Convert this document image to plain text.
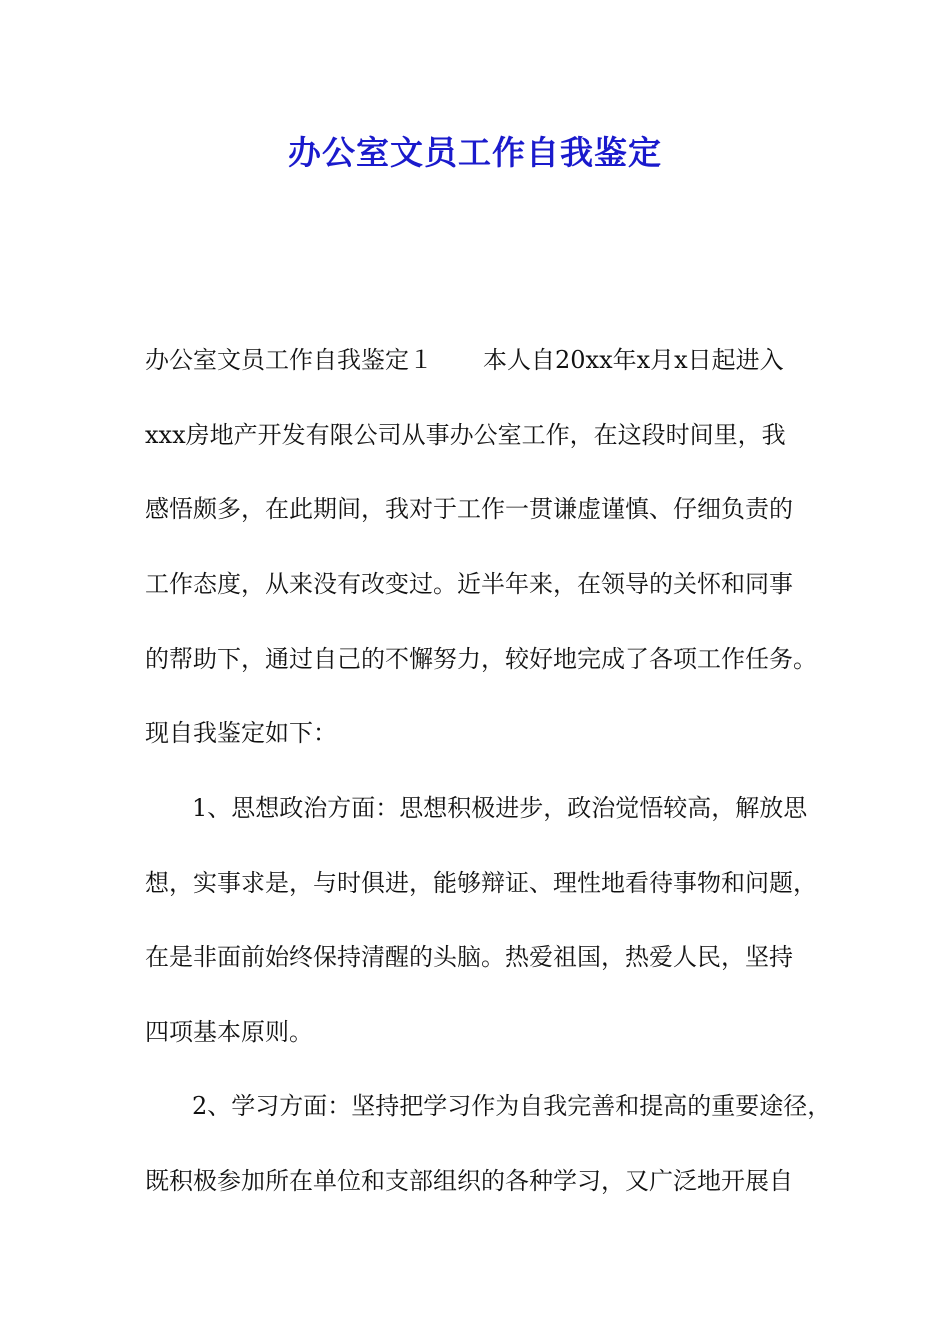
办公室文员工作自我鉴定
办公室文员工作自我鉴定１ 本人自20xx年x月x日起进入
xxx房地产开发有限公司从事办公室工作，在这段时间里，我
感悟颇多，在此期间，我对于工作一贯谦虚谨慎、仔细负责的
工作态度，从来没有改变过。近半年来，在领导的关怀和同事
的帮助下，通过自己的不懈努力，较好地完成了各项工作任务。
现自我鉴定如下：
1、思想政治方面：思想积极进步，政治觉悟较高，解放思
想，实事求是，与时俱进，能够辩证、理性地看待事物和问题，
在是非面前始终保持清醒的头脑。热爱祖国，热爱人民，坚持
四项基本原则。
2、学习方面：坚持把学习作为自我完善和提高的重要途径，
既积极参加所在单位和支部组织的各种学习，又广泛地开展自
